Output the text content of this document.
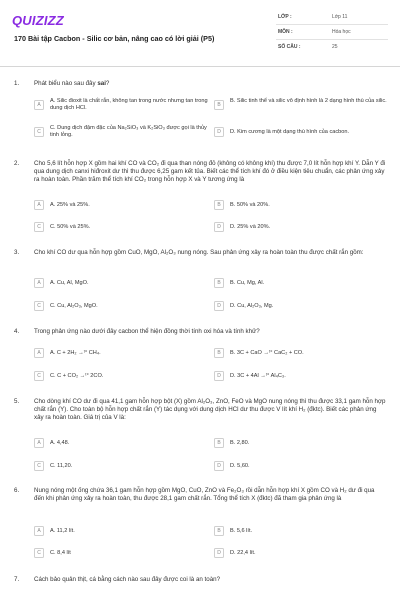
QUIZIZZ
170 Bài tập Cacbon - Silic cơ bản, nâng cao có lời giải (P5)
LỚP :	Lớp 11
MÔN :	Hóa học
SỐ CÂU :	25
1. Phát biểu nào sau đây sai?
A
A. Silic đioxit là chất rắn, không tan trong nước nhưng tan trong dung dịch HCl.
B
B. Silic tinh thể và silic vô định hình là 2 dạng hình thù của silic.
C
C. Dung dịch đậm đặc của Na₂SiO₃ và K₂SiO₃ được gọi là thủy tinh lỏng.
D	D. Kim cương là một dạng thù hình của cacbon.
2. Cho 5,6 lít hỗn hợp X gồm hai khí CO và CO₂ đi qua than nóng đỏ (không có không khí) thu được 7,0 lít hỗn hợp khí Y. Dẫn Y đi qua dung dịch canxi hiđroxit dư thì thu được 6,25 gam kết tủa. Biết các thể tích khí đó ở điều kiện tiêu chuẩn, các phản ứng xảy ra hoàn toàn. Phần trăm thể tích khí CO₂ trong hỗn hợp X và Y tương ứng là
A	A. 25% và 25%.	B	B. 50% và 20%.
C	C. 50% và 25%.	D	D. 25% và 20%.
3. Cho khí CO dư qua hỗn hợp gồm CuO, MgO, Al₂O₃ nung nóng. Sau phản ứng xảy ra hoàn toàn thu được chất rắn gồm:
A	A. Cu, Al, MgO.	B	B. Cu, Mg, Al.
C	C. Cu, Al₂O₃, MgO.	D	D. Cu, Al₂O₃, Mg.
4. Trong phản ứng nào dưới đây cacbon thể hiện đồng thời tính oxi hóa và tính khử?
A	A. C + 2H₂ →ᵗ° CH₄.	B	B. 3C + CaO →ᵗ° CaC₂ + CO.
C	C. C + CO₂ →ᵗ° 2CO.	D	D. 3C + 4Al →ᵗ° Al₄C₃.
5. Cho dòng khí CO dư đi qua 41,1 gam hỗn hợp bột (X) gồm Al₂O₃, ZnO, FeO và MgO nung nóng thì thu được 33,1 gam hỗn hợp chất rắn (Y). Cho toàn bộ hỗn hợp chất rắn (Y) tác dụng với dung dịch HCl dư thu được V lít khí H₂ (đktc). Biết các phản ứng xảy ra hoàn toàn. Giá trị của V là:
A	A. 4,48.	B	B. 2,80.
C	C. 11,20.	D	D. 5,60.
6. Nung nóng một ống chứa 36,1 gam hỗn hợp gồm MgO, CuO, ZnO và Fe₂O₃ rồi dẫn hỗn hợp khí X gồm CO và H₂ dư đi qua đến khi phản ứng xảy ra hoàn toàn, thu được 28,1 gam chất rắn. Tổng thể tích X (đktc) đã tham gia phản ứng là
A	A. 11,2 lít.	B	B. 5,6 lít.
C	C. 8,4 lít	D	D. 22,4 lít.
7. Cách bảo quản thịt, cá bằng cách nào sau đây được coi là an toàn?
